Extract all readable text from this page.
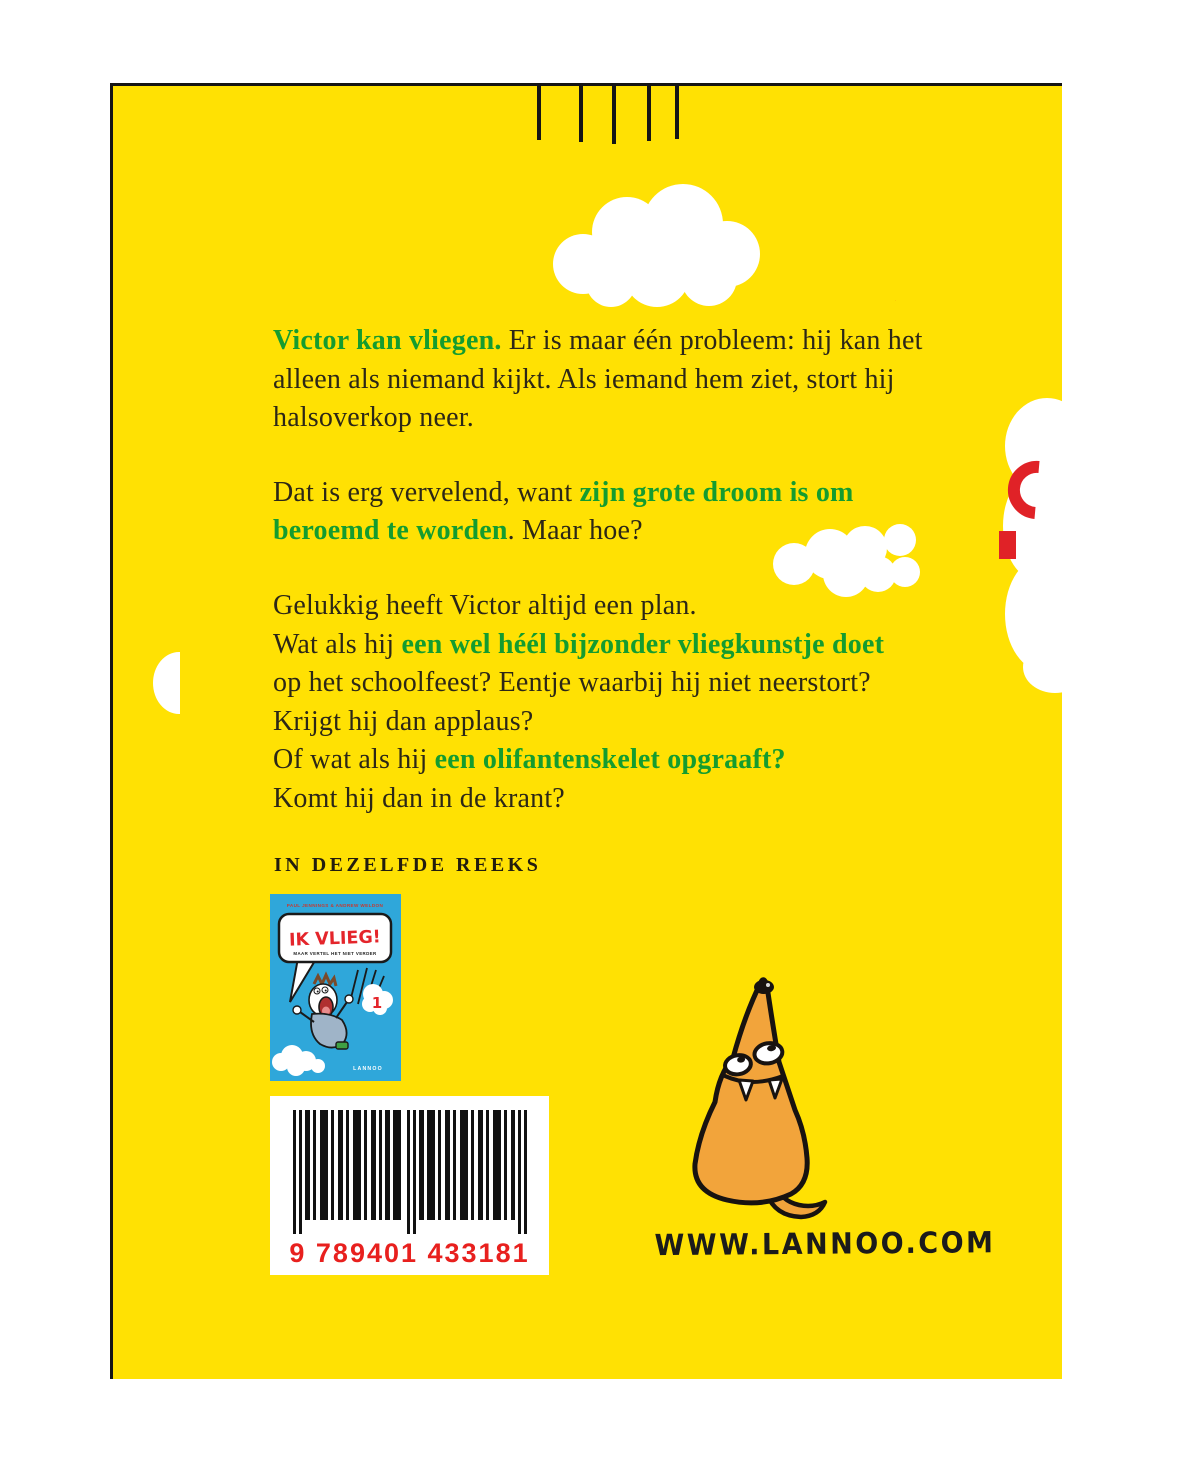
2

Victor kan vliegen. Er is maar één probleem: hij kan het
alleen als niemand kijkt. Als iemand hem ziet, stort hij
halsoverkop neer.

Dat is erg vervelend, want zijn grote droom is om
beroemd te worden. Maar hoe?

Gelukkig heeft Victor altijd een plan.
Wat als hij een wel héél bijzonder vliegkunstje doet
op het schoolfeest? Eentje waarbij hij niet neerstort?
Krijgt hij dan applaus?
Of wat als hij een olifantenskelet opgraaft?
Komt hij dan in de krant?

IN DEZELFDE REEKS
PAUL JENNINGS & ANDREW WELDON
IK VLIEG!
MAAR VERTEL HET NIET VERDER
1
LANNOO
9 789401 433181	WWW.LANNOO.COM
